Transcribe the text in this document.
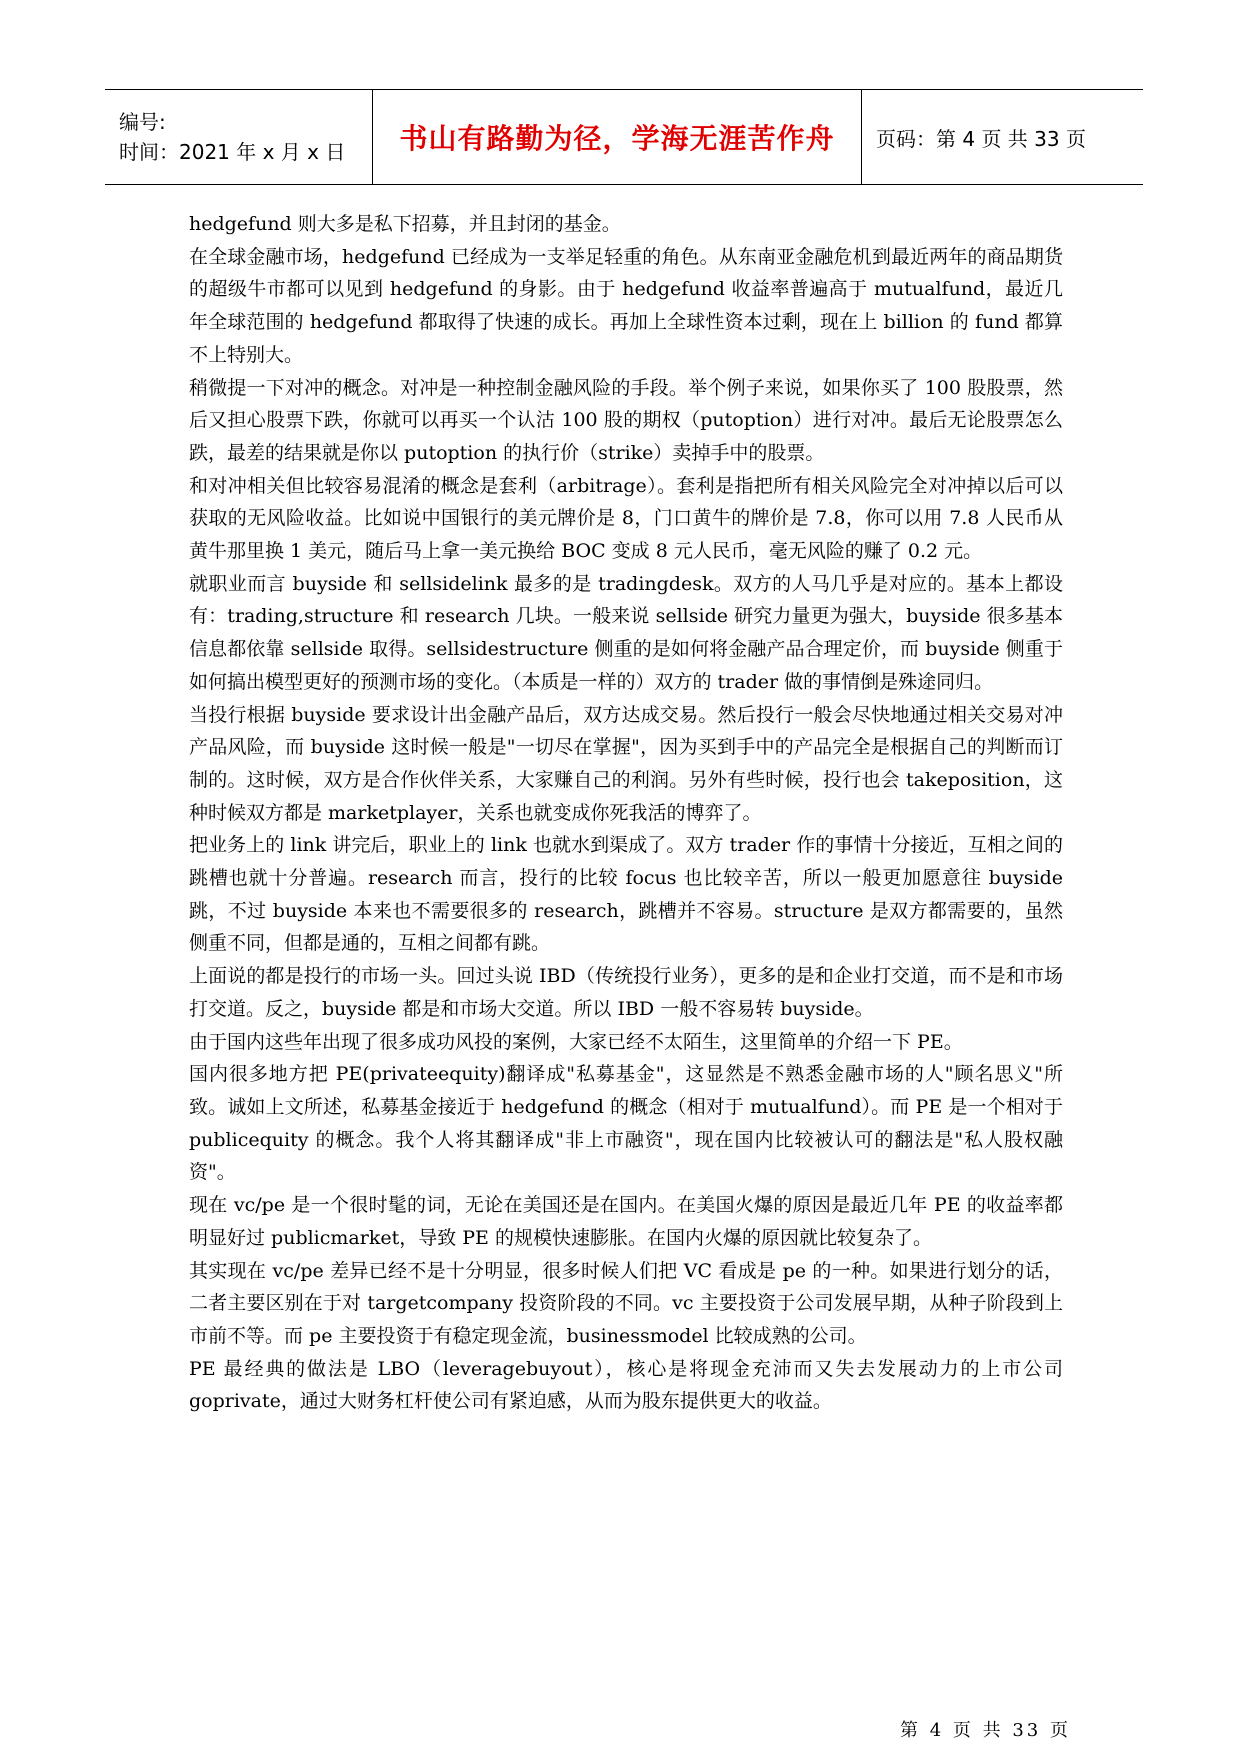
编号:
时间：2021 年 x 月 x 日	书山有路勤为径，学海无涯苦作舟 页码：第 4 页 共 33 页

hedgefund 则大多是私下招募，并且封闭的基金。

在全球金融市场，hedgefund 已经成为一支举足轻重的角色。从东南亚金融危机到最近两年的商品期货的超级牛市都可以见到 hedgefund 的身影。由于 hedgefund 收益率普遍高于 mutualfund，最近几年全球范围的 hedgefund 都取得了快速的成长。再加上全球性资本过剩，现在上 billion 的 fund 都算不上特别大。

稍微提一下对冲的概念。对冲是一种控制金融风险的手段。举个例子来说，如果你买了 100 股股票，然后又担心股票下跌，你就可以再买一个认沽 100 股的期权（putoption）进行对冲。最后无论股票怎么跌，最差的结果就是你以 putoption 的执行价（strike）卖掉手中的股票。

和对冲相关但比较容易混淆的概念是套利（arbitrage）。套利是指把所有相关风险完全对冲掉以后可以获取的无风险收益。比如说中国银行的美元牌价是 8，门口黄牛的牌价是 7.8，你可以用 7.8 人民币从黄牛那里换 1 美元，随后马上拿一美元换给 BOC 变成 8 元人民币，毫无风险的赚了 0.2 元。

就职业而言 buyside 和 sellsidelink 最多的是 tradingdesk。双方的人马几乎是对应的。基本上都设有：trading,structure 和 research 几块。一般来说 sellside 研究力量更为强大，buyside 很多基本信息都依靠 sellside 取得。sellsidestructure 侧重的是如何将金融产品合理定价，而 buyside 侧重于如何搞出模型更好的预测市场的变化。（本质是一样的）双方的 trader 做的事情倒是殊途同归。

当投行根据 buyside 要求设计出金融产品后，双方达成交易。然后投行一般会尽快地通过相关交易对冲产品风险，而 buyside 这时候一般是"一切尽在掌握"，因为买到手中的产品完全是根据自己的判断而订制的。这时候，双方是合作伙伴关系，大家赚自己的利润。另外有些时候，投行也会 takeposition，这种时候双方都是 marketplayer，关系也就变成你死我活的博弈了。

把业务上的 link 讲完后，职业上的 link 也就水到渠成了。双方 trader 作的事情十分接近，互相之间的跳槽也就十分普遍。research 而言，投行的比较 focus 也比较辛苦，所以一般更加愿意往 buyside 跳，不过 buyside 本来也不需要很多的 research，跳槽并不容易。structure 是双方都需要的，虽然侧重不同，但都是通的，互相之间都有跳。

上面说的都是投行的市场一头。回过头说 IBD（传统投行业务），更多的是和企业打交道，而不是和市场打交道。反之，buyside 都是和市场大交道。所以 IBD 一般不容易转 buyside。

由于国内这些年出现了很多成功风投的案例，大家已经不太陌生，这里简单的介绍一下 PE。

国内很多地方把 PE(privateequity)翻译成"私募基金"，这显然是不熟悉金融市场的人"顾名思义"所致。诚如上文所述，私募基金接近于 hedgefund 的概念（相对于 mutualfund）。而 PE 是一个相对于 publicequity 的概念。我个人将其翻译成"非上市融资"，现在国内比较被认可的翻法是"私人股权融资"。

现在 vc/pe 是一个很时髦的词，无论在美国还是在国内。在美国火爆的原因是最近几年 PE 的收益率都明显好过 publicmarket，导致 PE 的规模快速膨胀。在国内火爆的原因就比较复杂了。

其实现在 vc/pe 差异已经不是十分明显，很多时候人们把 VC 看成是 pe 的一种。如果进行划分的话，二者主要区别在于对 targetcompany 投资阶段的不同。vc 主要投资于公司发展早期，从种子阶段到上市前不等。而 pe 主要投资于有稳定现金流，businessmodel 比较成熟的公司。

PE 最经典的做法是 LBO（leveragebuyout），核心是将现金充沛而又失去发展动力的上市公司 goprivate，通过大财务杠杆使公司有紧迫感，从而为股东提供更大的收益。

第 4 页 共 33 页
